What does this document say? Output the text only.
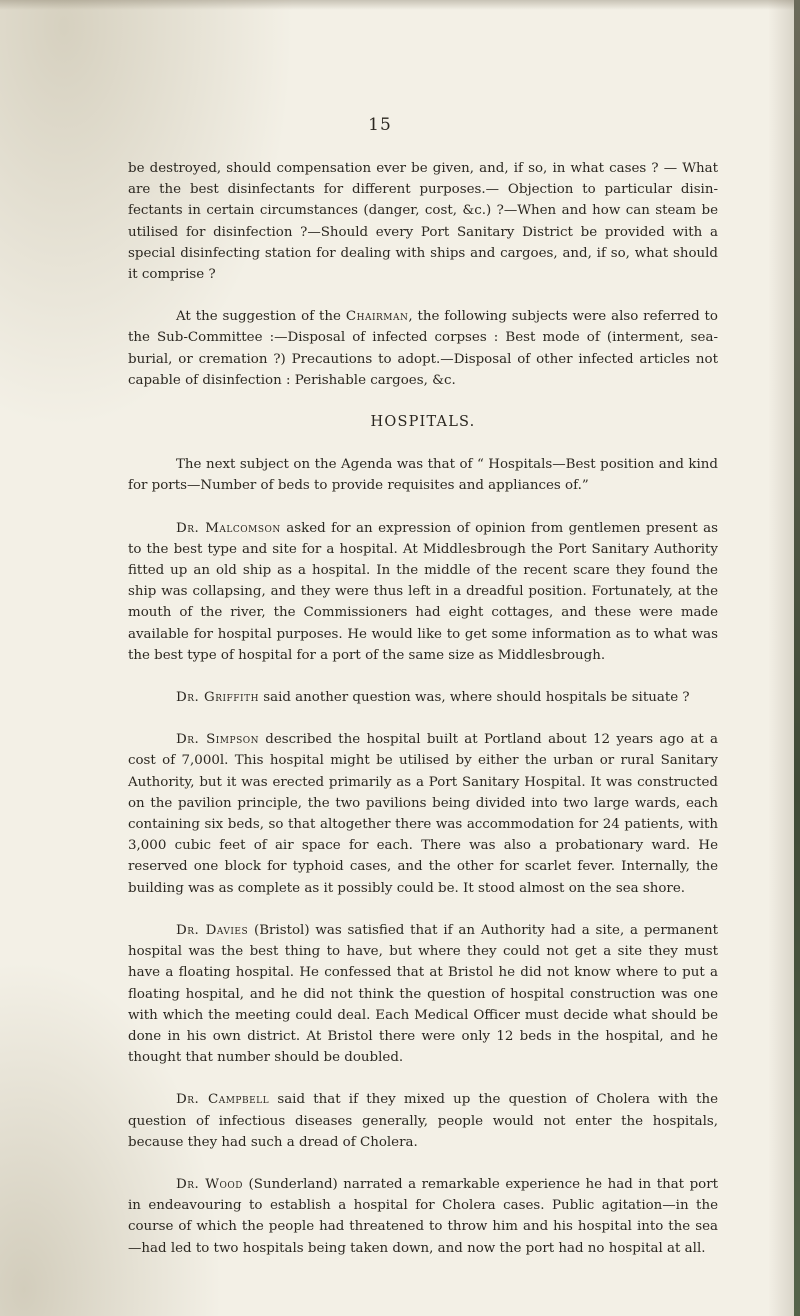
15

be destroyed, should compensation ever be given, and, if so, in what cases ? — What are the best disinfectants for different purposes.— Objection to particular disin-fectants in certain circumstances (danger, cost, &c.) ?—When and how can steam be utilised for disinfection ?—Should every Port Sanitary District be provided with a special disinfecting station for dealing with ships and cargoes, and, if so, what should it comprise ?

At the suggestion of the Chairman, the following subjects were also referred to the Sub-Committee :—Disposal of infected corpses : Best mode of (interment, sea-burial, or cremation ?) Precautions to adopt.—Disposal of other infected articles not capable of disinfection : Perishable cargoes, &c.

HOSPITALS.

The next subject on the Agenda was that of “ Hospitals—Best position and kind for ports—Number of beds to provide requisites and appliances of.”

Dr. Malcomson asked for an expression of opinion from gentlemen present as to the best type and site for a hospital. At Middlesbrough the Port Sanitary Authority fitted up an old ship as a hospital. In the middle of the recent scare they found the ship was collapsing, and they were thus left in a dreadful position. Fortunately, at the mouth of the river, the Commissioners had eight cottages, and these were made available for hospital purposes. He would like to get some information as to what was the best type of hospital for a port of the same size as Middlesbrough.

Dr. Griffith said another question was, where should hospitals be situate ?

Dr. Simpson described the hospital built at Portland about 12 years ago at a cost of 7,000l. This hospital might be utilised by either the urban or rural Sanitary Authority, but it was erected primarily as a Port Sanitary Hospital. It was constructed on the pavilion principle, the two pavilions being divided into two large wards, each containing six beds, so that altogether there was accommodation for 24 patients, with 3,000 cubic feet of air space for each. There was also a probationary ward. He reserved one block for typhoid cases, and the other for scarlet fever. Internally, the building was as complete as it possibly could be. It stood almost on the sea shore.

Dr. Davies (Bristol) was satisfied that if an Authority had a site, a permanent hospital was the best thing to have, but where they could not get a site they must have a floating hospital. He confessed that at Bristol he did not know where to put a floating hospital, and he did not think the question of hospital construction was one with which the meeting could deal. Each Medical Officer must decide what should be done in his own district. At Bristol there were only 12 beds in the hospital, and he thought that number should be doubled.

Dr. Campbell said that if they mixed up the question of Cholera with the question of infectious diseases generally, people would not enter the hospitals, because they had such a dread of Cholera.

Dr. Wood (Sunderland) narrated a remarkable experience he had in that port in endeavouring to establish a hospital for Cholera cases. Public agitation—in the course of which the people had threatened to throw him and his hospital into the sea—had led to two hospitals being taken down, and now the port had no hospital at all.
